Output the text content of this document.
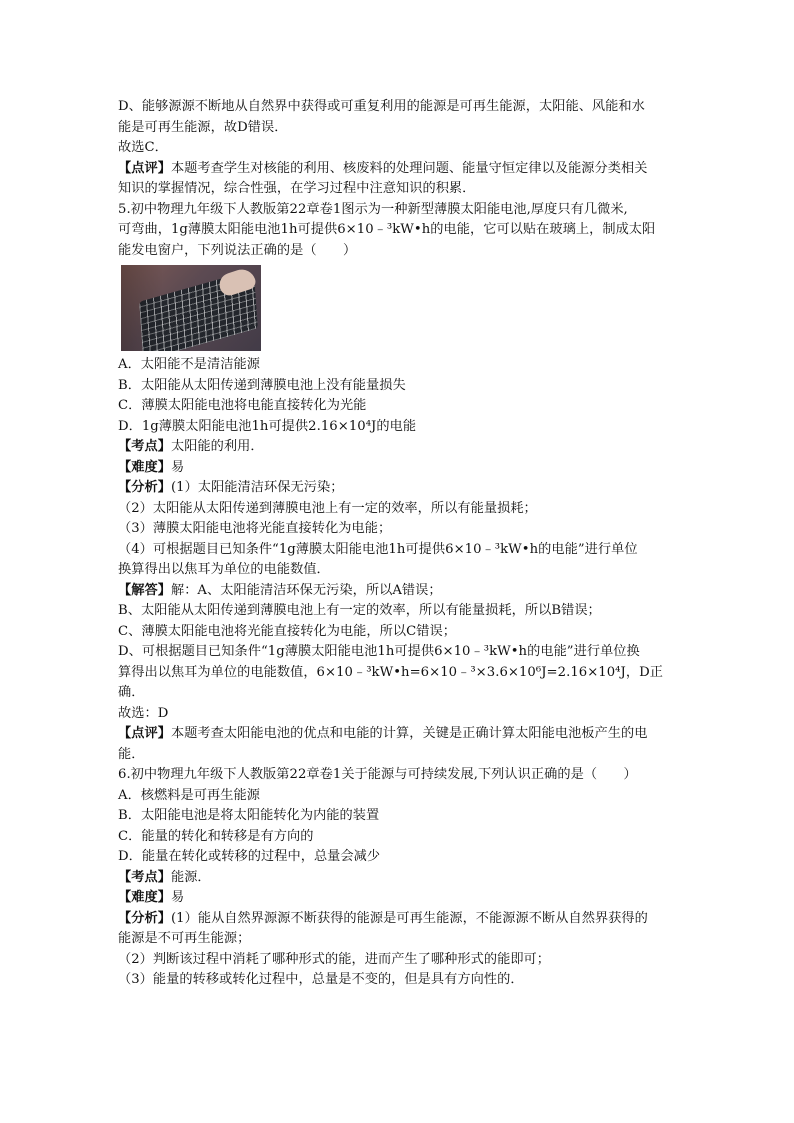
D、能够源源不断地从自然界中获得或可重复利用的能源是可再生能源，太阳能、风能和水
能是可再生能源，故D错误．
故选C．
【点评】本题考查学生对核能的利用、核废料的处理问题、能量守恒定律以及能源分类相关
知识的掌握情况，综合性强，在学习过程中注意知识的积累．
5.初中物理九年级下人教版第22章卷1图示为一种新型薄膜太阳能电池,厚度只有几微米,
可弯曲，1g薄膜太阳能电池1h可提供6×10﹣³kW•h的电能，它可以贴在玻璃上，制成太阳
能发电窗户，下列说法正确的是（　　）
A．太阳能不是清洁能源
B．太阳能从太阳传递到薄膜电池上没有能量损失
C．薄膜太阳能电池将电能直接转化为光能
D．1g薄膜太阳能电池1h可提供2.16×10⁴J的电能
【考点】太阳能的利用．
【难度】易
【分析】(1）太阳能清洁环保无污染；
（2）太阳能从太阳传递到薄膜电池上有一定的效率，所以有能量损耗；
（3）薄膜太阳能电池将光能直接转化为电能；
（4）可根据题目已知条件“1g薄膜太阳能电池1h可提供6×10﹣³kW•h的电能”进行单位
换算得出以焦耳为单位的电能数值．
【解答】解：A、太阳能清洁环保无污染，所以A错误；
B、太阳能从太阳传递到薄膜电池上有一定的效率，所以有能量损耗，所以B错误；
C、薄膜太阳能电池将光能直接转化为电能，所以C错误；
D、可根据题目已知条件“1g薄膜太阳能电池1h可提供6×10﹣³kW•h的电能”进行单位换
算得出以焦耳为单位的电能数值，6×10﹣³kW•h=6×10﹣³×3.6×10⁶J=2.16×10⁴J，D正
确．
故选：D
【点评】本题考查太阳能电池的优点和电能的计算，关键是正确计算太阳能电池板产生的电
能．
6.初中物理九年级下人教版第22章卷1关于能源与可持续发展,下列认识正确的是（　　）
A．核燃料是可再生能源
B．太阳能电池是将太阳能转化为内能的装置
C．能量的转化和转移是有方向的
D．能量在转化或转移的过程中，总量会减少
【考点】能源．
【难度】易
【分析】(1）能从自然界源源不断获得的能源是可再生能源，不能源源不断从自然界获得的
能源是不可再生能源；
（2）判断该过程中消耗了哪种形式的能，进而产生了哪种形式的能即可；
（3）能量的转移或转化过程中，总量是不变的，但是具有方向性的．
